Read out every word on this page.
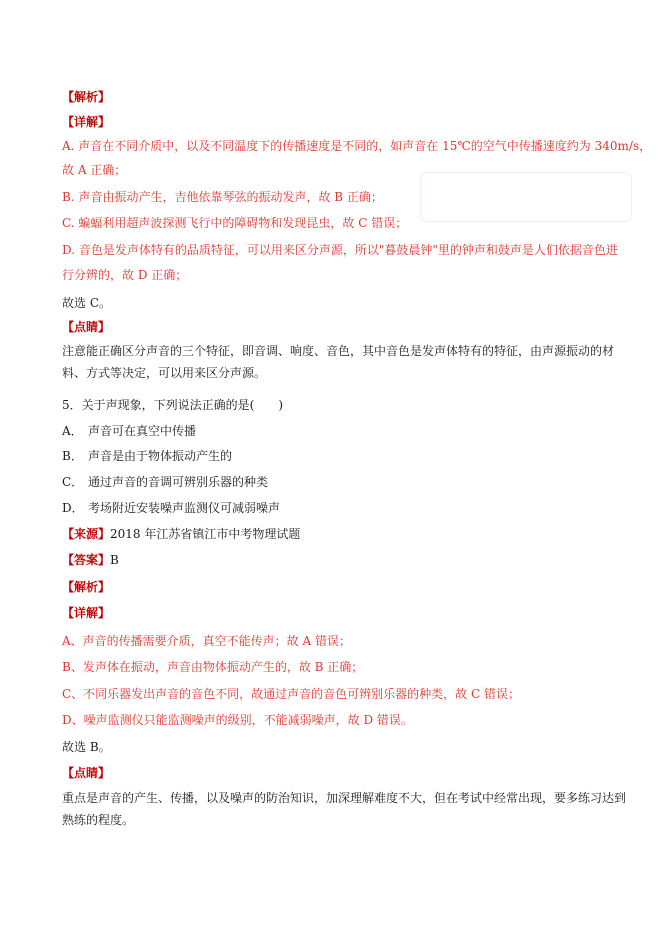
【解析】
【详解】
A. 声音在不同介质中，以及不同温度下的传播速度是不同的，如声音在 15℃的空气中传播速度约为 340m/s，
故 A 正确；
B. 声音由振动产生，吉他依靠琴弦的振动发声，故 B 正确；
C. 蝙蝠利用超声波探测飞行中的障碍物和发现昆虫，故 C 错误；
D. 音色是发声体特有的品质特征，可以用来区分声源，所以"暮鼓晨钟"里的钟声和鼓声是人们依据音色进
行分辨的，故 D 正确；
故选 C。
【点睛】
注意能正确区分声音的三个特征，即音调、响度、音色，其中音色是发声体特有的特征，由声源振动的材料、方式等决定，可以用来区分声源。
5．关于声现象，下列说法正确的是(　　)
A． 声音可在真空中传播
B． 声音是由于物体振动产生的
C． 通过声音的音调可辨别乐器的种类
D． 考场附近安装噪声监测仪可减弱噪声
【来源】2018 年江苏省镇江市中考物理试题
【答案】B
【解析】
【详解】
A、声音的传播需要介质，真空不能传声；故 A 错误；
B、发声体在振动，声音由物体振动产生的，故 B 正确；
C、不同乐器发出声音的音色不同，故通过声音的音色可辨别乐器的种类，故 C 错误；
D、噪声监测仪只能监测噪声的级别，不能减弱噪声，故 D 错误。
故选 B。
【点睛】
重点是声音的产生、传播，以及噪声的防治知识，加深理解难度不大，但在考试中经常出现，要多练习达到熟练的程度。
